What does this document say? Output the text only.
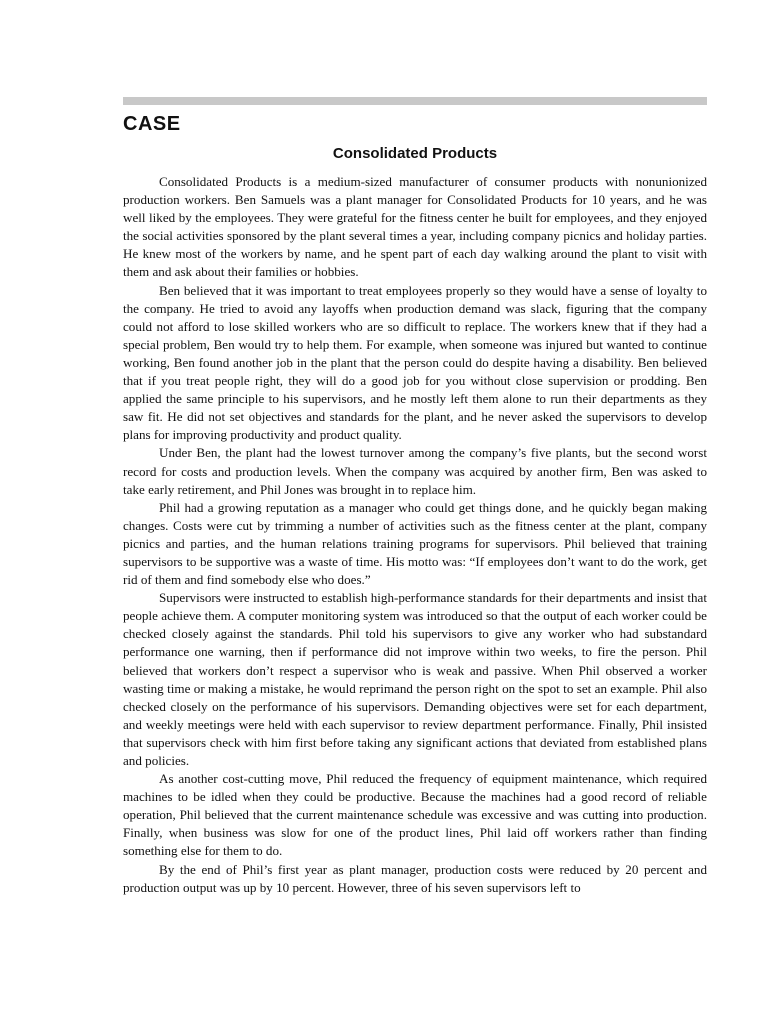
CASE
Consolidated Products

Consolidated Products is a medium-sized manufacturer of consumer products with nonunionized production workers. Ben Samuels was a plant manager for Consolidated Products for 10 years, and he was well liked by the employees. They were grateful for the fitness center he built for employees, and they enjoyed the social activities sponsored by the plant several times a year, including company picnics and holiday parties. He knew most of the workers by name, and he spent part of each day walking around the plant to visit with them and ask about their families or hobbies.

Ben believed that it was important to treat employees properly so they would have a sense of loyalty to the company. He tried to avoid any layoffs when production demand was slack, figuring that the company could not afford to lose skilled workers who are so difficult to replace. The workers knew that if they had a special problem, Ben would try to help them. For example, when someone was injured but wanted to continue working, Ben found another job in the plant that the person could do despite having a disability. Ben believed that if you treat people right, they will do a good job for you without close supervision or prodding. Ben applied the same principle to his supervisors, and he mostly left them alone to run their departments as they saw fit. He did not set objectives and standards for the plant, and he never asked the supervisors to develop plans for improving productivity and product quality.

Under Ben, the plant had the lowest turnover among the company’s five plants, but the second worst record for costs and production levels. When the company was acquired by another firm, Ben was asked to take early retirement, and Phil Jones was brought in to replace him.

Phil had a growing reputation as a manager who could get things done, and he quickly began making changes. Costs were cut by trimming a number of activities such as the fitness center at the plant, company picnics and parties, and the human relations training programs for supervisors. Phil believed that training supervisors to be supportive was a waste of time. His motto was: “If employees don’t want to do the work, get rid of them and find somebody else who does.”

Supervisors were instructed to establish high-performance standards for their departments and insist that people achieve them. A computer monitoring system was introduced so that the output of each worker could be checked closely against the standards. Phil told his supervisors to give any worker who had substandard performance one warning, then if performance did not improve within two weeks, to fire the person. Phil believed that workers don’t respect a supervisor who is weak and passive. When Phil observed a worker wasting time or making a mistake, he would reprimand the person right on the spot to set an example. Phil also checked closely on the performance of his supervisors. Demanding objectives were set for each department, and weekly meetings were held with each supervisor to review department performance. Finally, Phil insisted that supervisors check with him first before taking any significant actions that deviated from established plans and policies.

As another cost-cutting move, Phil reduced the frequency of equipment maintenance, which required machines to be idled when they could be productive. Because the machines had a good record of reliable operation, Phil believed that the current maintenance schedule was excessive and was cutting into production. Finally, when business was slow for one of the product lines, Phil laid off workers rather than finding something else for them to do.

By the end of Phil’s first year as plant manager, production costs were reduced by 20 percent and production output was up by 10 percent. However, three of his seven supervisors left to
